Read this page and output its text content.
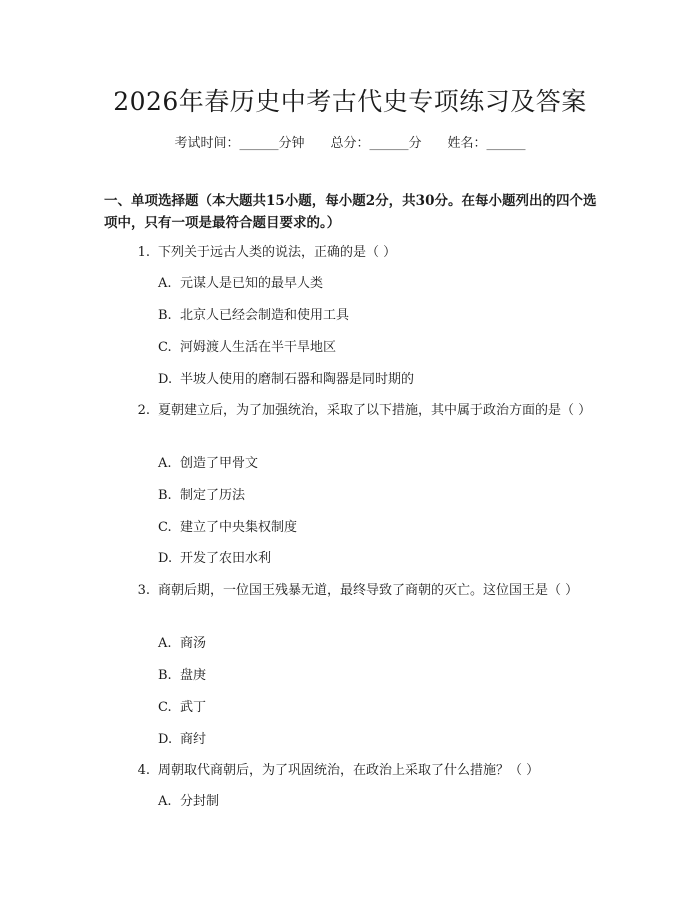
2026年春历史中考古代史专项练习及答案
考试时间：______分钟 总分：______分 姓名：______
一、单项选择题（本大题共15小题，每小题2分，共30分。在每小题列出的四个选项中，只有一项是最符合题目要求的。）
1. 下列关于远古人类的说法，正确的是（ ）
A. 元谋人是已知的最早人类
B. 北京人已经会制造和使用工具
C. 河姆渡人生活在半干旱地区
D. 半坡人使用的磨制石器和陶器是同时期的
2. 夏朝建立后，为了加强统治，采取了以下措施，其中属于政治方面的是（ ）
A. 创造了甲骨文
B. 制定了历法
C. 建立了中央集权制度
D. 开发了农田水利
3. 商朝后期，一位国王残暴无道，最终导致了商朝的灭亡。这位国王是（ ）
A. 商汤
B. 盘庚
C. 武丁
D. 商纣
4. 周朝取代商朝后，为了巩固统治，在政治上采取了什么措施？（ ）
A. 分封制
